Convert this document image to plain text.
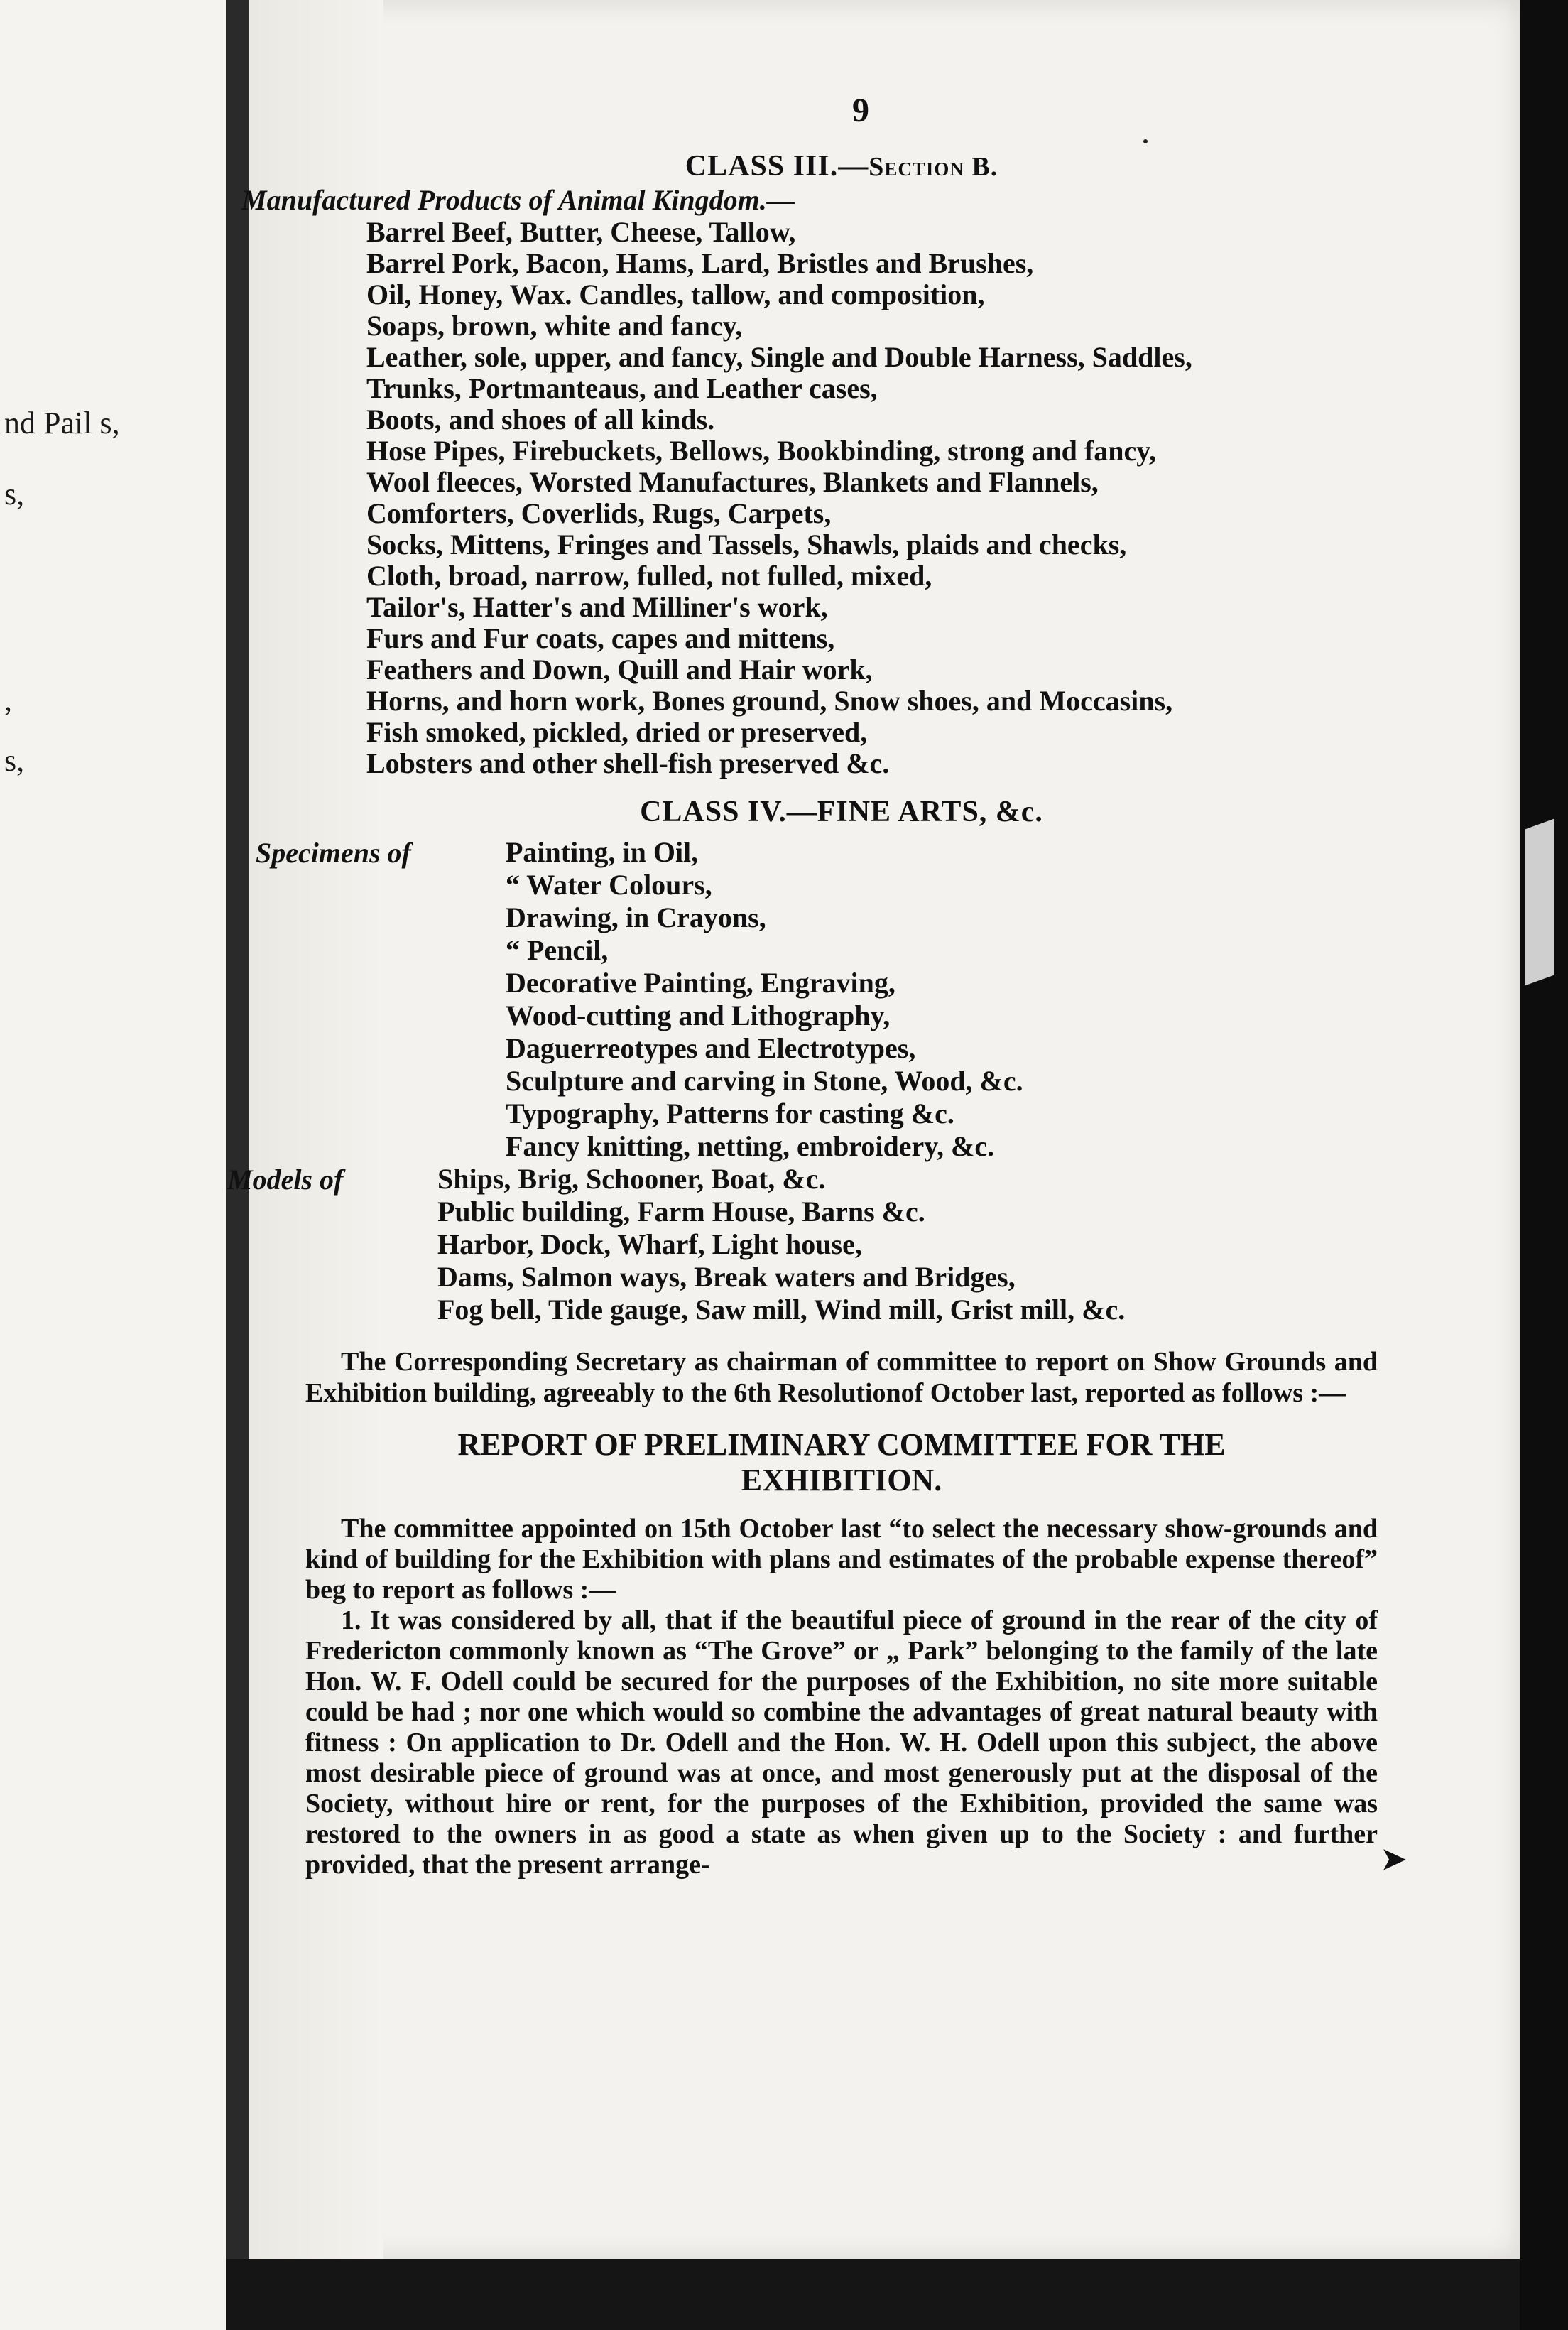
nd Pail s,
s,
,
s,
9

CLASS III.—Section B.

Manufactured Products of Animal Kingdom.—

Barrel Beef, Butter, Cheese, Tallow,
Barrel Pork, Bacon, Hams, Lard, Bristles and Brushes,
Oil, Honey, Wax. Candles, tallow, and composition,
Soaps, brown, white and fancy,
Leather, sole, upper, and fancy, Single and Double Harness, Saddles,
Trunks, Portmanteaus, and Leather cases,
Boots, and shoes of all kinds.
Hose Pipes, Firebuckets, Bellows, Bookbinding, strong and fancy,
Wool fleeces, Worsted Manufactures, Blankets and Flannels,
Comforters, Coverlids, Rugs, Carpets,
Socks, Mittens, Fringes and Tassels, Shawls, plaids and checks,
Cloth, broad, narrow, fulled, not fulled, mixed,
Tailor's, Hatter's and Milliner's work,
Furs and Fur coats, capes and mittens,
Feathers and Down, Quill and Hair work,
Horns, and horn work, Bones ground, Snow shoes, and Moccasins,
Fish smoked, pickled, dried or preserved,
Lobsters and other shell-fish preserved &c.

CLASS IV.—FINE ARTS, &c.

Specimens of	Painting, in Oil,
“ Water Colours,
Drawing, in Crayons,
“ Pencil,
Decorative Painting, Engraving,
Wood-cutting and Lithography,
Daguerreotypes and Electrotypes,
Sculpture and carving in Stone, Wood, &c.
Typography, Patterns for casting &c.
Fancy knitting, netting, embroidery, &c.
Models of	Ships, Brig, Schooner, Boat, &c.
Public building, Farm House, Barns &c.
Harbor, Dock, Wharf, Light house,
Dams, Salmon ways, Break waters and Bridges,
Fog bell, Tide gauge, Saw mill, Wind mill, Grist mill, &c.

The Corresponding Secretary as chairman of committee to report on Show Grounds and Exhibition building, agreeably to the 6th Resolutionof October last, reported as follows :—

REPORT OF PRELIMINARY COMMITTEE FOR THE
EXHIBITION.

The committee appointed on 15th October last “to select the necessary show-grounds and kind of building for the Exhibition with plans and estimates of the probable expense thereof” beg to report as follows :—

1. It was considered by all, that if the beautiful piece of ground in the rear of the city of Fredericton commonly known as “The Grove” or „ Park” belonging to the family of the late Hon. W. F. Odell could be secured for the purposes of the Exhibition, no site more suitable could be had ; nor one which would so combine the advantages of great natural beauty with fitness : On application to Dr. Odell and the Hon. W. H. Odell upon this subject, the above most desirable piece of ground was at once, and most generously put at the disposal of the Society, without hire or rent, for the purposes of the Exhibition, provided the same was restored to the owners in as good a state as when given up to the Society : and further provided, that the present arrange-	➤
